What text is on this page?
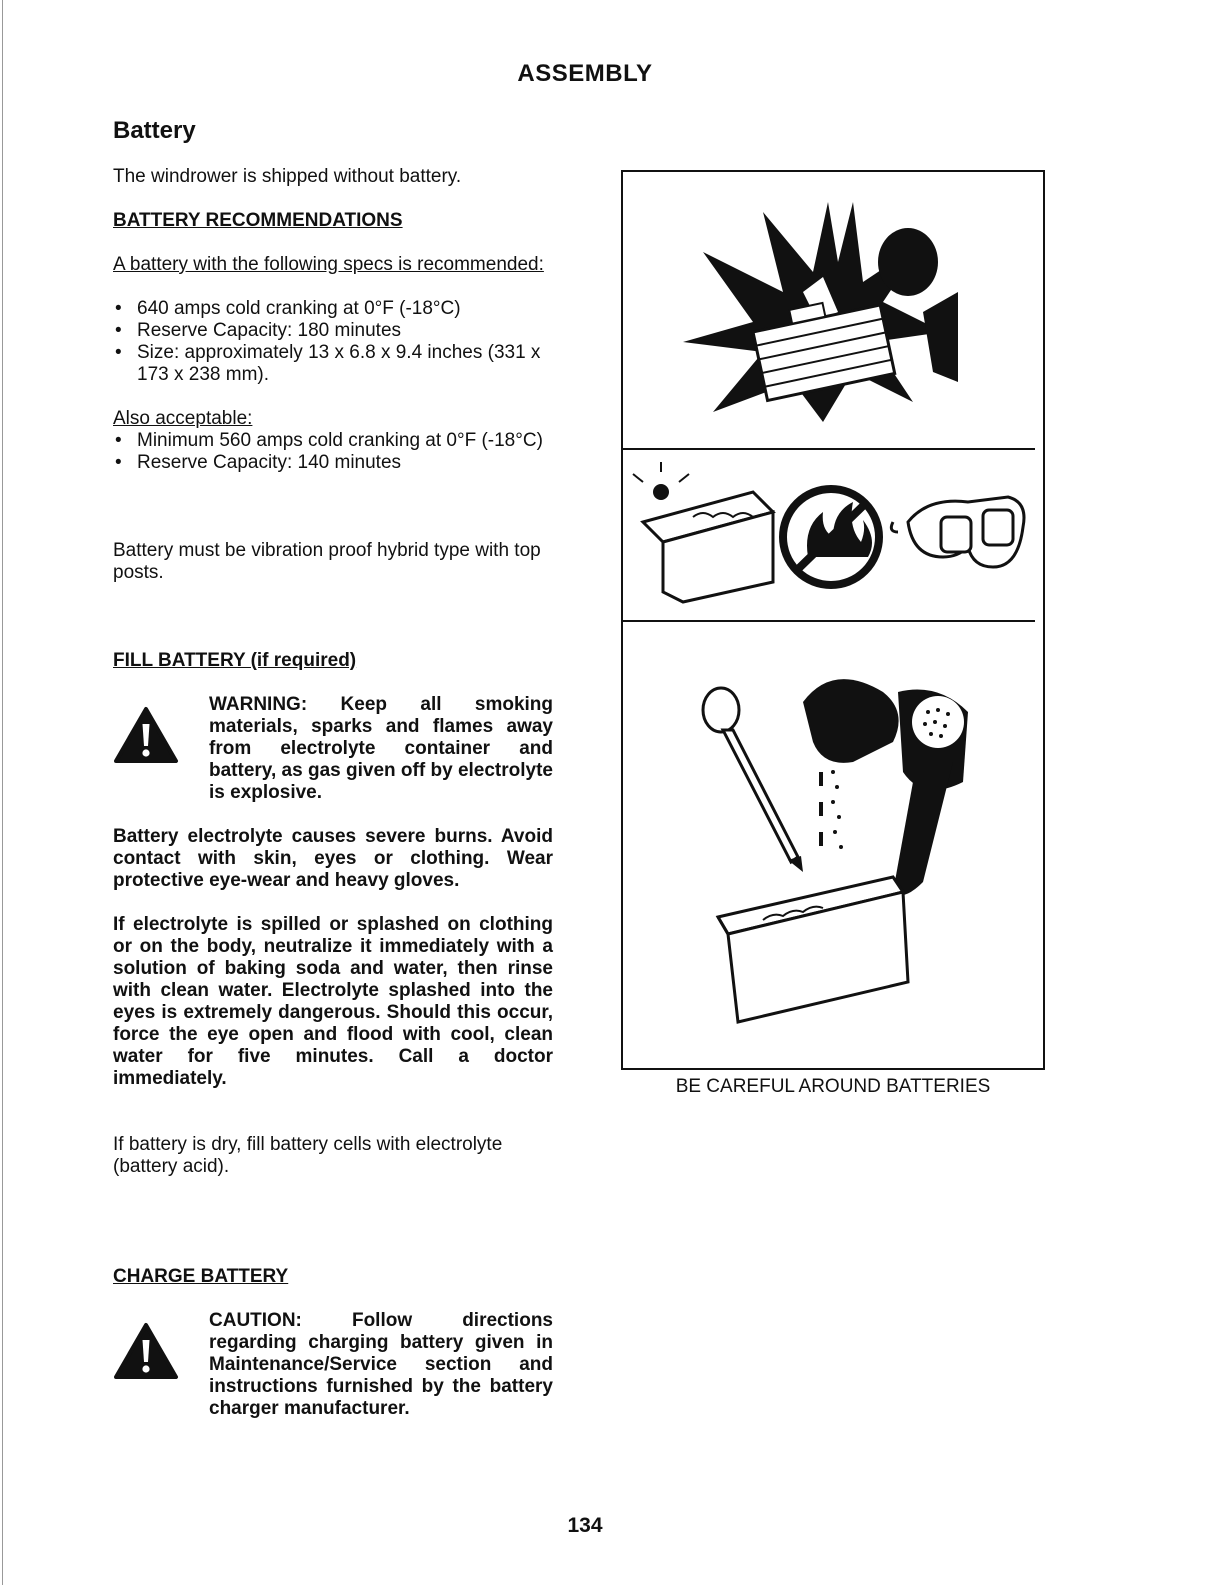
ASSEMBLY
Battery
The windrower is shipped without battery.
BATTERY RECOMMENDATIONS
A battery with the following specs is recommended:
• 640 amps cold cranking at 0°F (-18°C)
• Reserve Capacity: 180 minutes
• Size: approximately 13 x 6.8 x 9.4 inches (331 x 173 x 238 mm).
Also acceptable:
• Minimum 560 amps cold cranking at 0°F (-18°C)
• Reserve Capacity: 140 minutes
Battery must be vibration proof hybrid type with top posts.
FILL BATTERY (if required)
WARNING: Keep all smoking materials, sparks and flames away from electrolyte container and battery, as gas given off by electrolyte is explosive.
Battery electrolyte causes severe burns. Avoid contact with skin, eyes or clothing. Wear protective eye-wear and heavy gloves.
If electrolyte is spilled or splashed on clothing or on the body, neutralize it immediately with a solution of baking soda and water, then rinse with clean water. Electrolyte splashed into the eyes is extremely dangerous. Should this occur, force the eye open and flood with cool, clean water for five minutes. Call a doctor immediately.
If battery is dry, fill battery cells with electrolyte (battery acid).
CHARGE BATTERY
CAUTION: Follow directions regarding charging battery given in Maintenance/Service section and instructions furnished by the battery charger manufacturer.
BE CAREFUL AROUND BATTERIES
134
